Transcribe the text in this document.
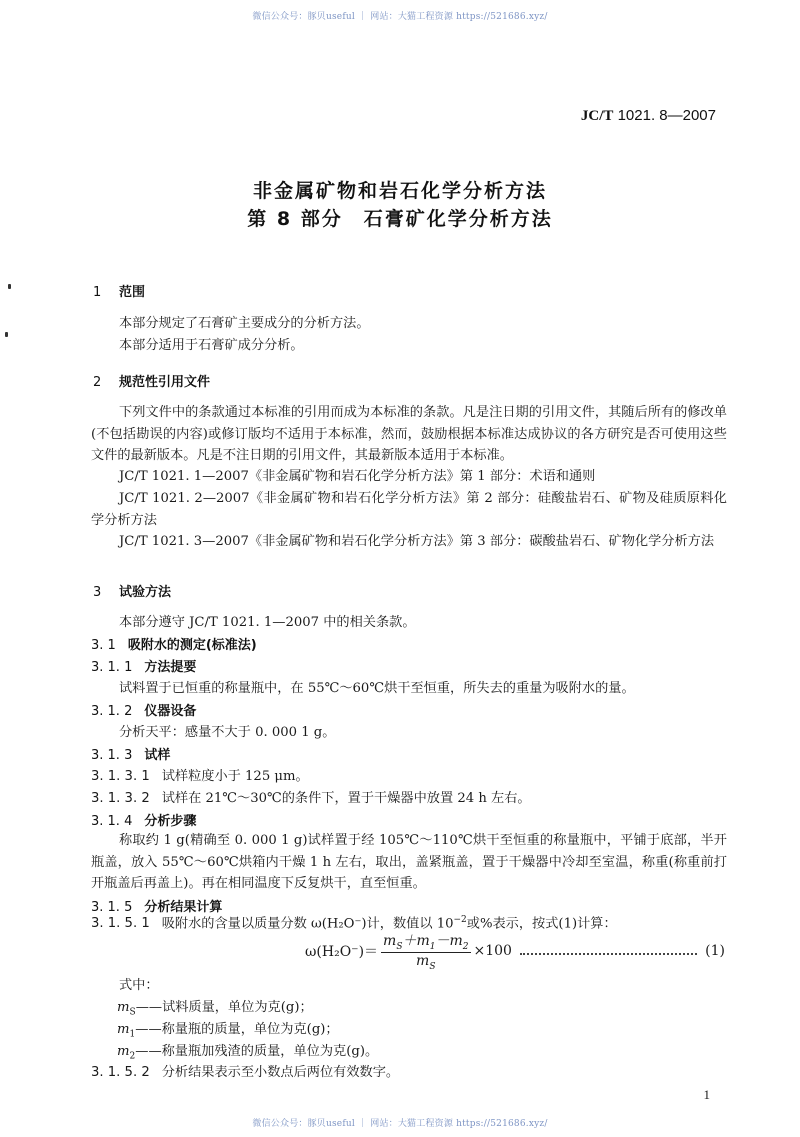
微信公众号：豚贝useful ｜ 网站：大猫工程资源 https://521686.xyz/
JC/T 1021. 8—2007
非金属矿物和岩石化学分析方法
第 8 部分　石膏矿化学分析方法
1 范围
本部分规定了石膏矿主要成分的分析方法。
本部分适用于石膏矿成分分析。
2 规范性引用文件
下列文件中的条款通过本标准的引用而成为本标准的条款。凡是注日期的引用文件，其随后所有的修改单(不包括勘误的内容)或修订版均不适用于本标准，然而，鼓励根据本标准达成协议的各方研究是否可使用这些文件的最新版本。凡是不注日期的引用文件，其最新版本适用于本标准。
JC/T 1021. 1—2007《非金属矿物和岩石化学分析方法》第 1 部分：术语和通则
JC/T 1021. 2—2007《非金属矿物和岩石化学分析方法》第 2 部分：硅酸盐岩石、矿物及硅质原料化学分析方法
JC/T 1021. 3—2007《非金属矿物和岩石化学分析方法》第 3 部分：碳酸盐岩石、矿物化学分析方法
3 试验方法
本部分遵守 JC/T 1021. 1—2007 中的相关条款。
3. 1 吸附水的测定(标准法)
3. 1. 1 方法提要
试料置于已恒重的称量瓶中，在 55℃～60℃烘干至恒重，所失去的重量为吸附水的量。
3. 1. 2 仪器设备
分析天平：感量不大于 0. 000 1 g。
3. 1. 3 试样
3. 1. 3. 1 试样粒度小于 125 μm。
3. 1. 3. 2 试样在 21℃～30℃的条件下，置于干燥器中放置 24 h 左右。
3. 1. 4 分析步骤
称取约 1 g(精确至 0. 000 1 g)试样置于经 105℃～110℃烘干至恒重的称量瓶中，平铺于底部，半开瓶盖，放入 55℃～60℃烘箱内干燥 1 h 左右，取出，盖紧瓶盖，置于干燥器中冷却至室温，称重(称重前打开瓶盖后再盖上)。再在相同温度下反复烘干，直至恒重。
3. 1. 5 分析结果计算
3. 1. 5. 1 吸附水的含量以质量分数 ω(H₂O⁻)计，数值以 $10^{-2}$或%表示，按式(1)计算：
$\omega(H_2O^-)= \frac{m_S+m_1-m_2}{m_S} \times 100$	(1)
式中：
$m_S——$试料质量，单位为克(g)；
$m_1——$称量瓶的质量，单位为克(g)；
$m_2——$称量瓶加残渣的质量，单位为克(g)。
3. 1. 5. 2 分析结果表示至小数点后两位有效数字。
1
微信公众号：豚贝useful ｜ 网站：大猫工程资源 https://521686.xyz/
